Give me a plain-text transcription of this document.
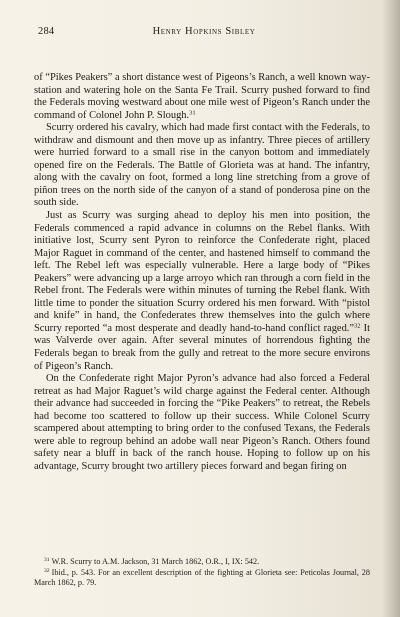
284	Henry Hopkins Sibley

of “Pikes Peakers” a short distance west of Pigeons’s Ranch, a well known way-station and watering hole on the Santa Fe Trail. Scurry pushed forward to find the Federals moving westward about one mile west of Pigeon’s Ranch under the command of Colonel John P. Slough.$^{31}$

Scurry ordered his cavalry, which had made first contact with the Federals, to withdraw and dismount and then move up as infantry. Three pieces of artillery were hurried forward to a small rise in the canyon bottom and immediately opened fire on the Federals. The Battle of Glorieta was at hand. The infantry, along with the cavalry on foot, formed a long line stretching from a grove of piñon trees on the north side of the canyon of a stand of ponderosa pine on the south side.

Just as Scurry was surging ahead to deploy his men into position, the Federals commenced a rapid advance in columns on the Rebel flanks. With initiative lost, Scurry sent Pyron to reinforce the Confederate right, placed Major Raguet in command of the center, and hastened himself to command the left. The Rebel left was especially vulnerable. Here a large body of “Pikes Peakers” were advancing up a large arroyo which ran through a corn field in the Rebel front. The Federals were within minutes of turning the Rebel flank. With little time to ponder the situation Scurry ordered his men forward. With “pistol and knife” in hand, the Confederates threw themselves into the gulch where Scurry reported “a most desperate and deadly hand-to-hand conflict raged.”$^{32}$ It was Valverde over again. After several minutes of horrendous fighting the Federals began to break from the gully and retreat to the more secure environs of Pigeon’s Ranch.

On the Confederate right Major Pyron’s advance had also forced a Federal retreat as had Major Raguet’s wild charge against the Federal center. Although their advance had succeeded in forcing the “Pike Peakers” to retreat, the Rebels had become too scattered to follow up their success. While Colonel Scurry scampered about attempting to bring order to the confused Texans, the Federals were able to regroup behind an adobe wall near Pigeon’s Ranch. Others found safety near a bluff in back of the ranch house. Hoping to follow up on his advantage, Scurry brought two artillery pieces forward and began firing on

$^{31}$ W.R. Scurry to A.M. Jackson, 31 March 1862, O.R., I, IX: 542.

$^{32}$ Ibid., p. 543. For an excellent description of the fighting at Glorieta see: Peticolas Journal, 28 March 1862, p. 79.
